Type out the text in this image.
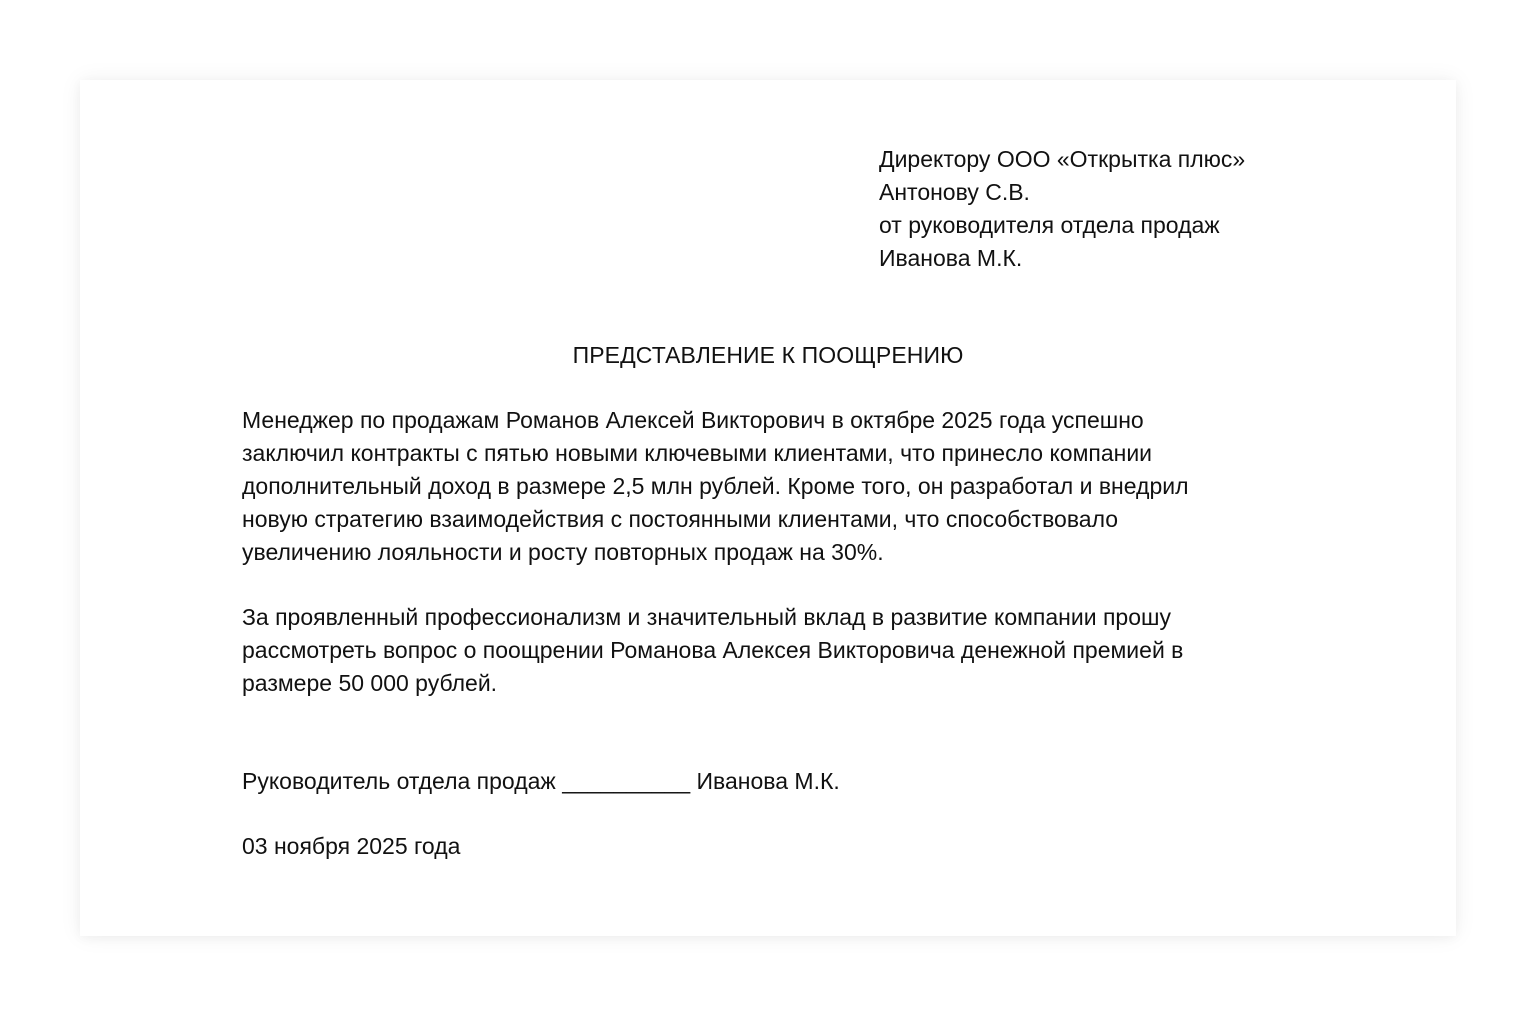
Директору ООО «Открытка плюс»
Антонову С.В.
от руководителя отдела продаж
Иванова М.К.
ПРЕДСТАВЛЕНИЕ К ПООЩРЕНИЮ
Менеджер по продажам Романов Алексей Викторович в октябре 2025 года успешно
заключил контракты с пятью новыми ключевыми клиентами, что принесло компании
дополнительный доход в размере 2,5 млн рублей. Кроме того, он разработал и внедрил
новую стратегию взаимодействия с постоянными клиентами, что способствовало
увеличению лояльности и росту повторных продаж на 30%.
За проявленный профессионализм и значительный вклад в развитие компании прошу
рассмотреть вопрос о поощрении Романова Алексея Викторовича денежной премией в
размере 50 000 рублей.
Руководитель отдела продаж __________ Иванова М.К.
03 ноября 2025 года
